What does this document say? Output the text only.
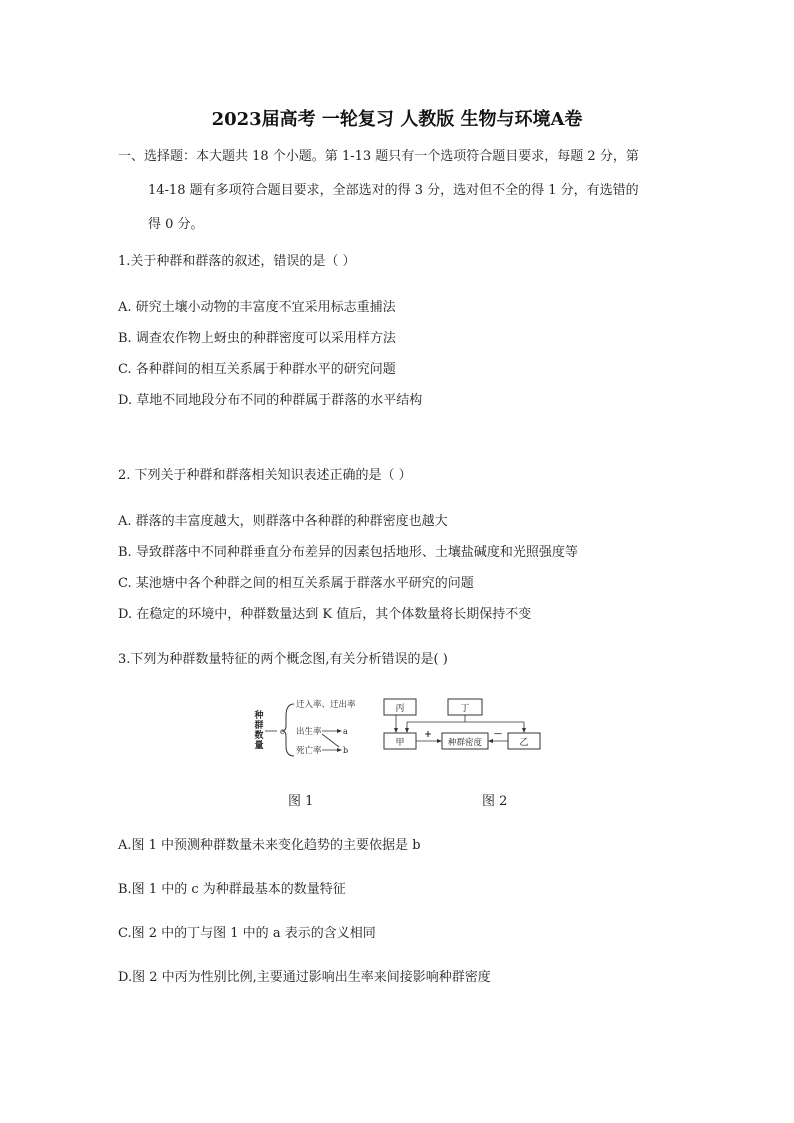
2023届高考 一轮复习 人教版 生物与环境A卷
一、选择题：本大题共 18 个小题。第 1-13 题只有一个选项符合题目要求，每题 2 分，第
14-18 题有多项符合题目要求，全部选对的得 3 分，选对但不全的得 1 分，有选错的
得 0 分。
1.关于种群和群落的叙述，错误的是（ ）
A. 研究土壤小动物的丰富度不宜采用标志重捕法
B. 调查农作物上蚜虫的种群密度可以采用样方法
C. 各种群间的相互关系属于种群水平的研究问题
D. 草地不同地段分布不同的种群属于群落的水平结构
2. 下列关于种群和群落相关知识表述正确的是（ ）
A. 群落的丰富度越大，则群落中各种群的种群密度也越大
B. 导致群落中不同种群垂直分布差异的因素包括地形、土壤盐碱度和光照强度等
C. 某池塘中各个种群之间的相互关系属于群落水平研究的问题
D. 在稳定的环境中，种群数量达到 K 值后，其个体数量将长期保持不变
3.下列为种群数量特征的两个概念图,有关分析错误的是( )
种
群
数
量
c
迁入率、迁出率
出生率
死亡率
a
b
丙	丁
甲	种群密度	乙
+	－
图 1	图 2
A.图 1 中预测种群数量未来变化趋势的主要依据是 b
B.图 1 中的 c 为种群最基本的数量特征
C.图 2 中的丁与图 1 中的 a 表示的含义相同
D.图 2 中丙为性别比例,主要通过影响出生率来间接影响种群密度
